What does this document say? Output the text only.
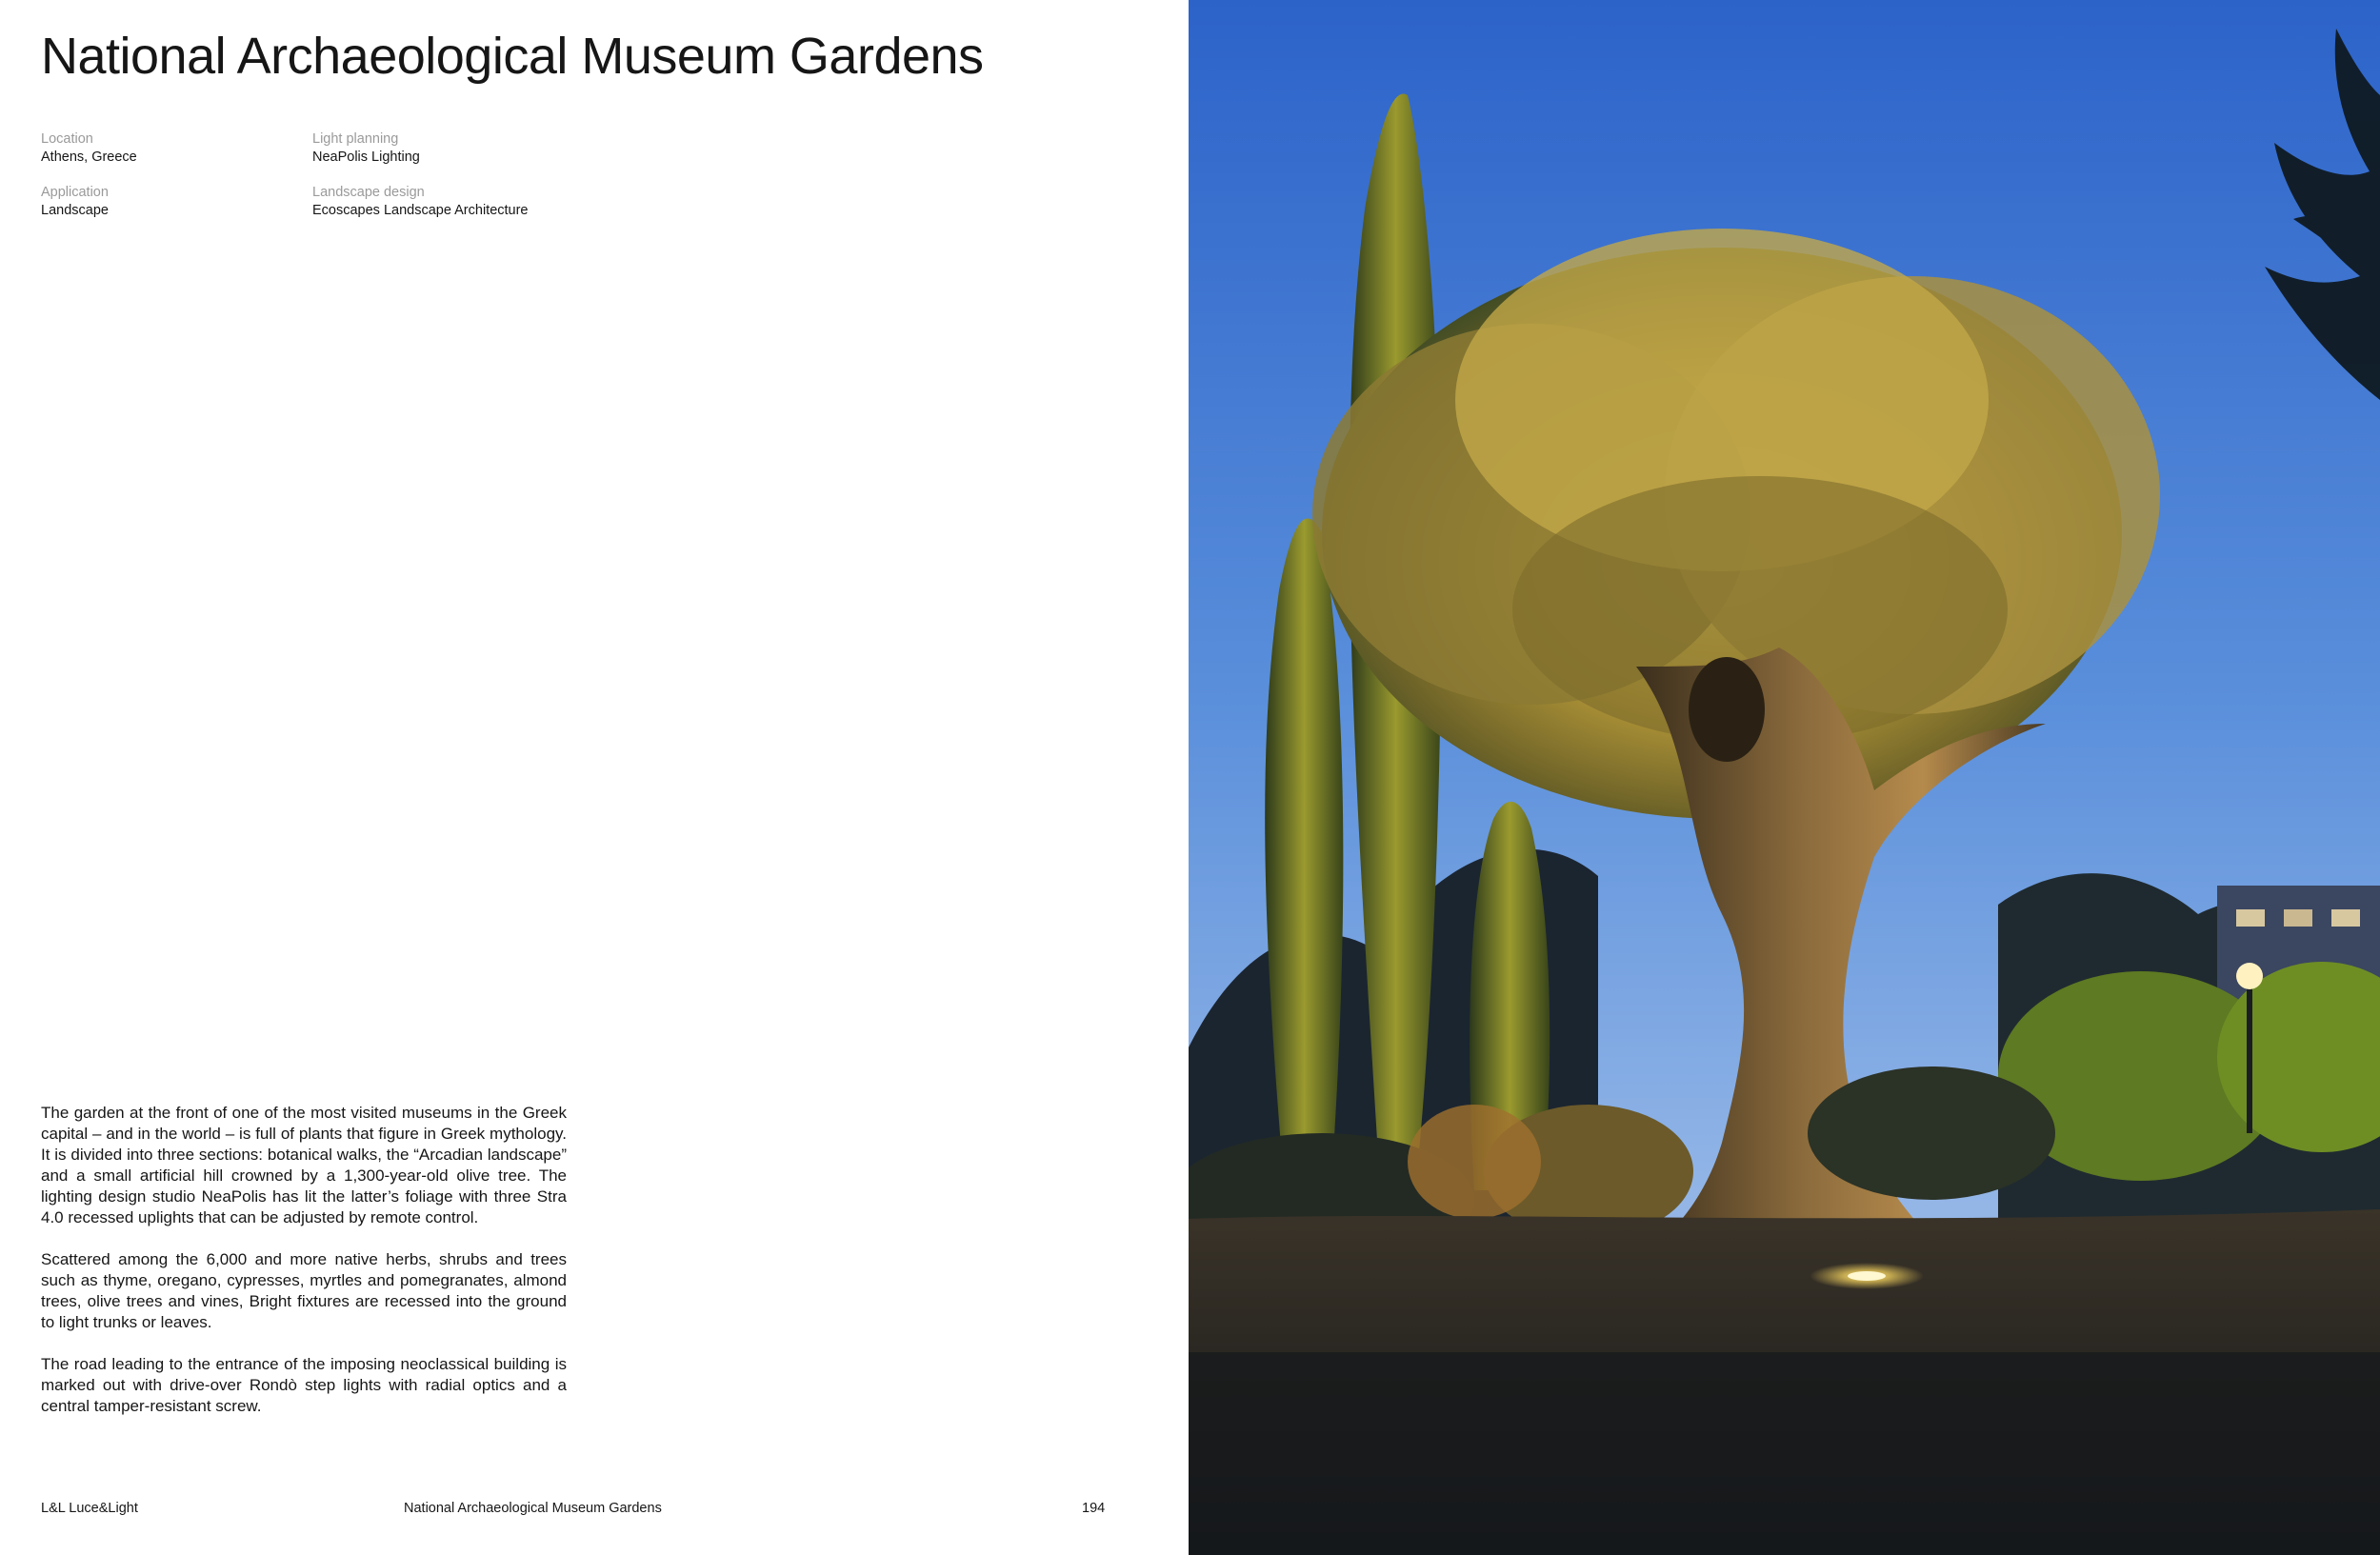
National Archaeological Museum Gardens
Location
Athens, Greece
Light planning
NeaPolis Lighting
Application
Landscape
Landscape design
Ecoscapes Landscape Architecture

The garden at the front of one of the most visited museums in the Greek capital – and in the world – is full of plants that figure in Greek mythology. It is divided into three sections: botanical walks, the “Arcadian landscape” and a small artificial hill crowned by a 1,300-year-old olive tree. The lighting design studio NeaPolis has lit the latter’s foliage with three Stra 4.0 recessed uplights that can be adjusted by remote control.

Scattered among the 6,000 and more native herbs, shrubs and trees such as thyme, oregano, cypresses, myrtles and pomegranates, almond trees, olive trees and vines, Bright fixtures are recessed into the ground to light trunks or leaves.

The road leading to the entrance of the imposing neoclassical building is marked out with drive-over Rondò step lights with radial optics and a central tamper-resistant screw.

L&L Luce&Light	National Archaeological Museum Gardens	194
